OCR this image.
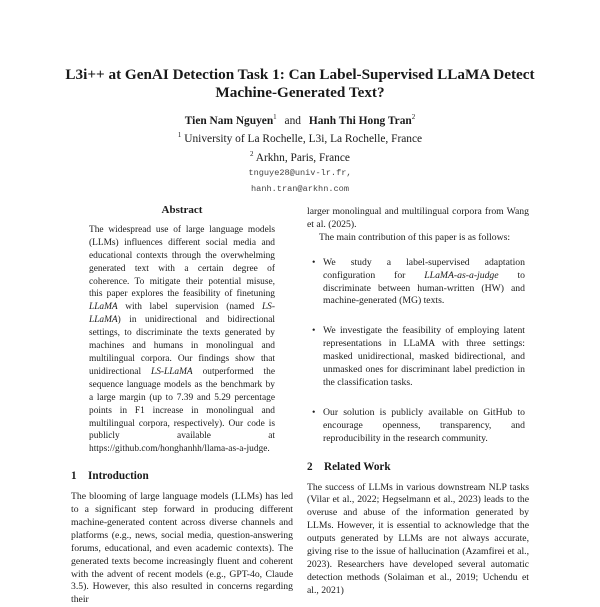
L3i++ at GenAI Detection Task 1: Can Label-Supervised LLaMA Detect
Machine-Generated Text?
Tien Nam Nguyen$^1$ and Hanh Thi Hong Tran$^2$
$^1$ University of La Rochelle, L3i, La Rochelle, France
$^2$ Arkhn, Paris, France
tnguye28@univ-lr.fr,
hanh.tran@arkhn.com
Abstract

The widespread use of large language models (LLMs) influences different social media and educational contexts through the overwhelming generated text with a certain degree of coherence. To mitigate their potential misuse, this paper explores the feasibility of finetuning LLaMA with label supervision (named LS-LLaMA) in unidirectional and bidirectional settings, to discriminate the texts generated by machines and humans in monolingual and multilingual corpora. Our findings show that unidirectional LS-LLaMA outperformed the sequence language models as the benchmark by a large margin (up to 7.39 and 5.29 percentage points in F1 increase in monolingual and multilingual corpora, respectively). Our code is publicly available at https://github.com/honghanhh/llama-as-a-judge.

1 Introduction

The blooming of large language models (LLMs) has led to a significant step forward in producing different machine-generated content across diverse channels and platforms (e.g., news, social media, question-answering forums, educational, and even academic contexts). The generated texts become increasingly fluent and coherent with the advent of recent models (e.g., GPT-4o, Claude 3.5). However, this also resulted in concerns regarding their

larger monolingual and multilingual corpora from Wang et al. (2025).

The main contribution of this paper is as follows:

• We study a label-supervised adaptation configuration for LLaMA-as-a-judge to discriminate between human-written (HW) and machine-generated (MG) texts.
• We investigate the feasibility of employing latent representations in LLaMA with three settings: masked unidirectional, masked bidirectional, and unmasked ones for discriminant label prediction in the classification tasks.
• Our solution is publicly available on GitHub to encourage openness, transparency, and reproducibility in the research community.
2 Related Work

The success of LLMs in various downstream NLP tasks (Vilar et al., 2022; Hegselmann et al., 2023) leads to the overuse and abuse of the information generated by LLMs. However, it is essential to acknowledge that the outputs generated by LLMs are not always accurate, giving rise to the issue of hallucination (Azamfirei et al., 2023). Researchers have developed several automatic detection methods (Solaiman et al., 2019; Uchendu et al., 2021)
